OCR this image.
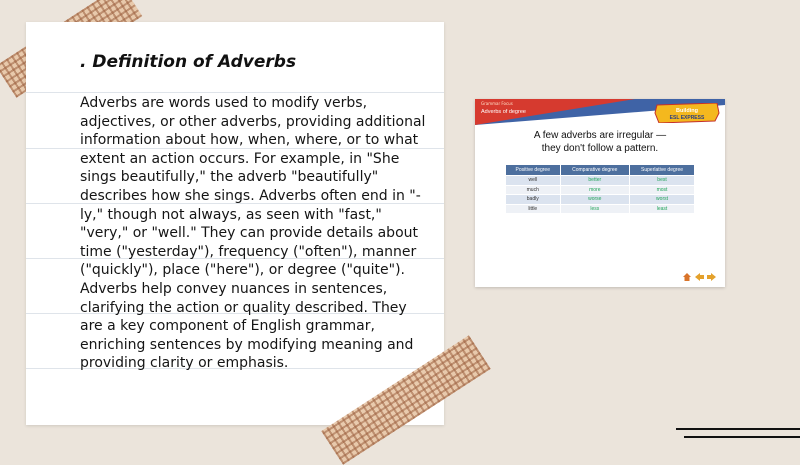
. Definition of Adverbs

Adverbs are words used to modify verbs, adjectives, or other adverbs, providing additional information about how, when, where, or to what extent an action occurs. For example, in "She sings beautifully," the adverb "beautifully" describes how she sings. Adverbs often end in "-ly," though not always, as seen with "fast," "very," or "well." They can provide details about time ("yesterday"), frequency ("often"), manner ("quickly"), place ("here"), or degree ("quite"). Adverbs help convey nuances in sentences, clarifying the action or quality described. They are a key component of English grammar, enriching sentences by modifying meaning and providing clarity or emphasis.

Grammar Focus
Adverbs of degree	Building
ESL EXPRESS

A few adverbs are irregular —
they don't follow a pattern.

Positive degree	Comparative degree	Superlative degree
well	better	best
much	more	most
badly	worse	worst
little	less	least
